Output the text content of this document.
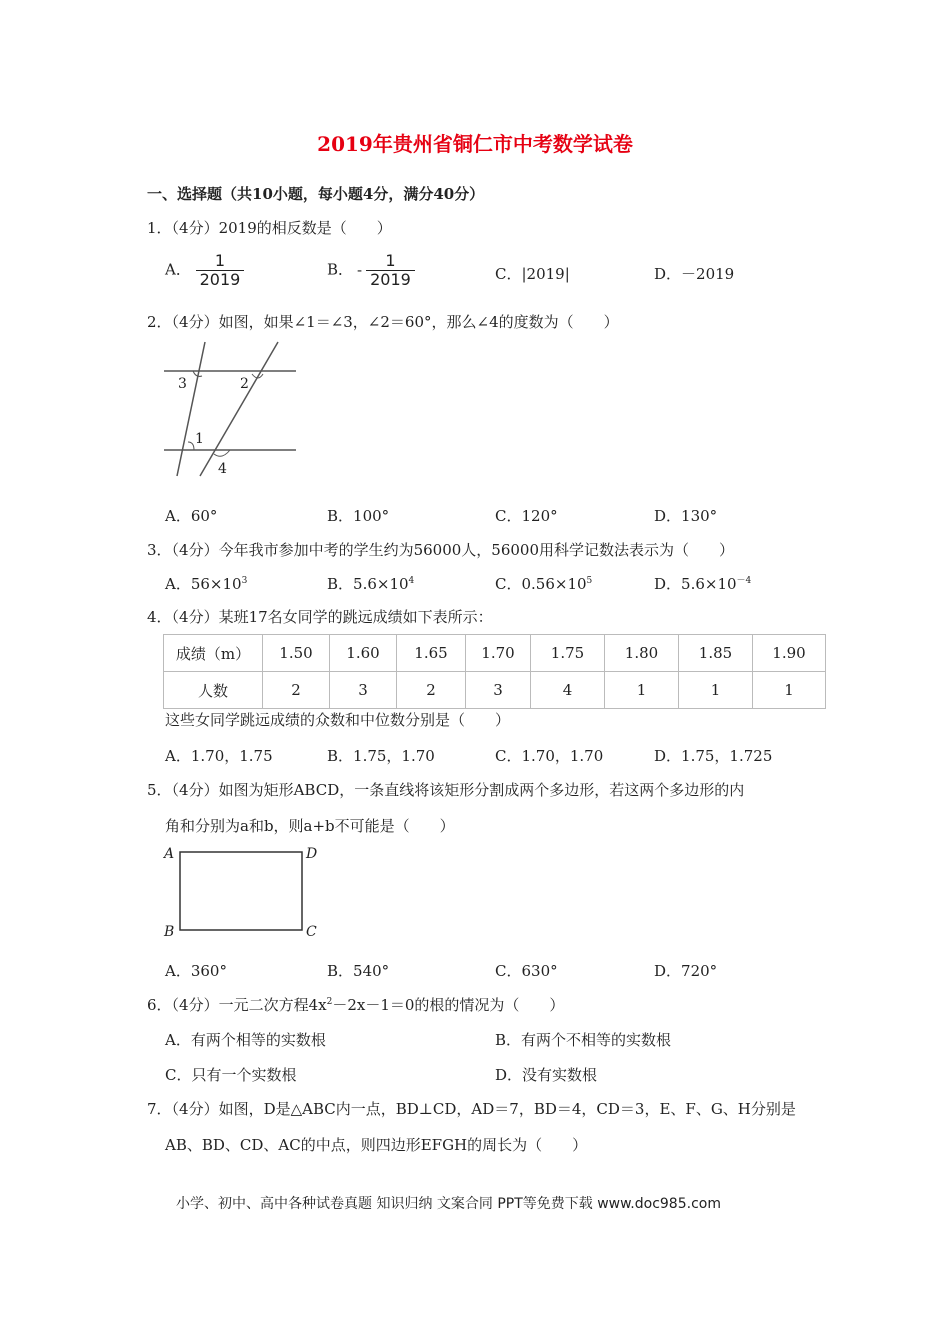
2019年贵州省铜仁市中考数学试卷
一、选择题（共10小题，每小题4分，满分40分）
1．（4分）2019的相反数是（　　）
A． $\frac{1}{2019}$	B． - $\frac{1}{2019}$	C．|2019|	D．－2019
2．（4分）如图，如果∠1＝∠3，∠2＝60°，那么∠4的度数为（　　）
3	2
1
4
A．60°	B．100°	C．120°	D．130°
3．（4分）今年我市参加中考的学生约为56000人，56000用科学记数法表示为（　　）
A．$56\times 10^3$	B．$5.6\times 10^4$	C．$0.56\times 10^5$	D．$5.6\times 10^{-4}$
4．（4分）某班17名女同学的跳远成绩如下表所示：
成绩（m）	1.50	1.60	1.65	1.70	1.75	1.80	1.85	1.90
人数	2	3	2	3	4	1	1	1
这些女同学跳远成绩的众数和中位数分别是（　　）
A．1.70，1.75	B．1.75，1.70	C．1.70，1.70	D．1.75，1.725
5．（4分）如图为矩形ABCD，一条直线将该矩形分割成两个多边形，若这两个多边形的内
角和分别为a和b，则a+b不可能是（　　）
A	D
B	C
A．360°	B．540°	C．630°	D．720°
6．（4分）一元二次方程$4x^2-2x-1=0$的根的情况为（　　）
A．有两个相等的实数根	B．有两个不相等的实数根
C．只有一个实数根	D．没有实数根
7．（4分）如图，D是△ABC内一点，BD⊥CD，AD＝7，BD＝4，CD＝3，E、F、G、H分别是
AB、BD、CD、AC的中点，则四边形EFGH的周长为（　　）
小学、初中、高中各种试卷真题 知识归纳 文案合同 PPT等免费下载 www.doc985.com
